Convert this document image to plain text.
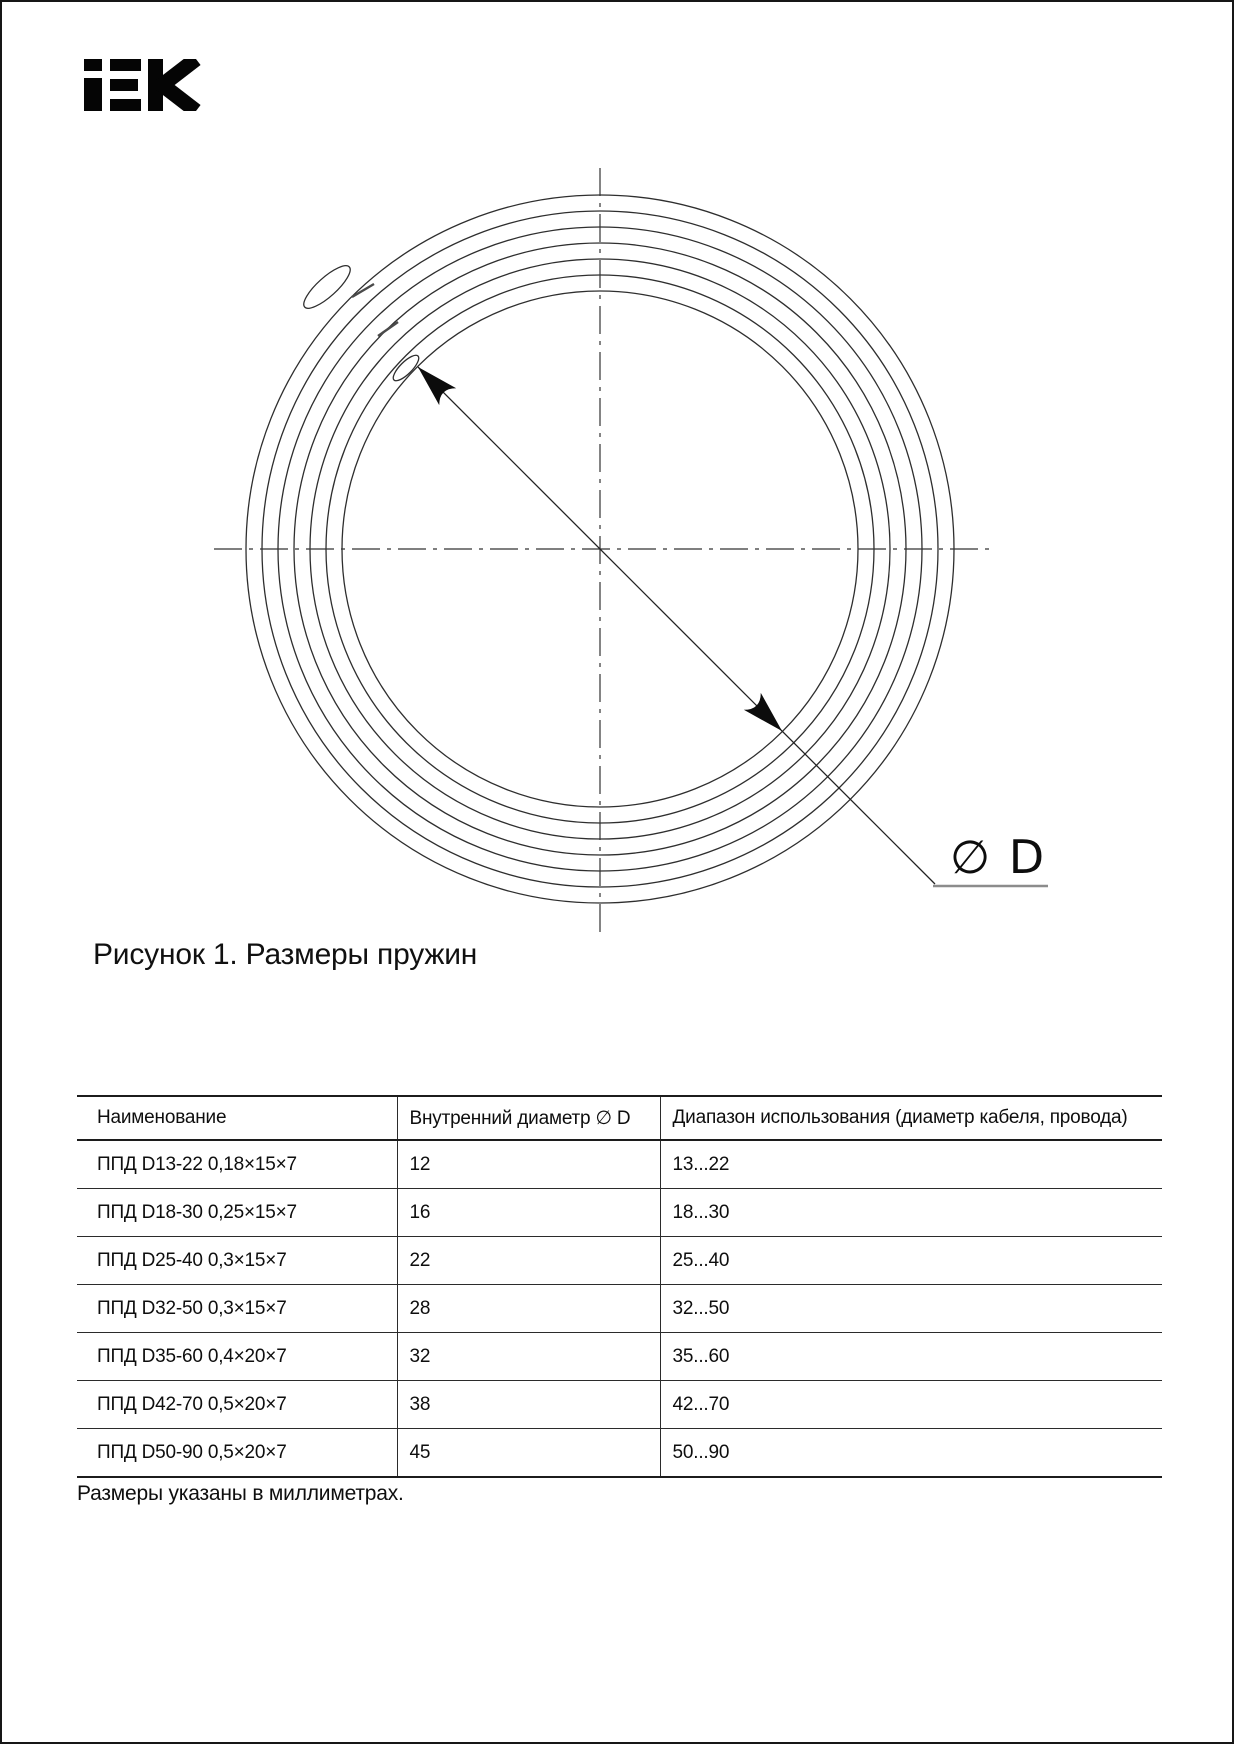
∅ D
Рисунок 1. Размеры пружин
Наименование	Внутренний диаметр ∅ D	Диапазон использования (диаметр кабеля, провода)
ППД D13-22 0,18×15×7	12	13...22
ППД D18-30 0,25×15×7	16	18...30
ППД D25-40 0,3×15×7	22	25...40
ППД D32-50 0,3×15×7	28	32...50
ППД D35-60 0,4×20×7	32	35...60
ППД D42-70 0,5×20×7	38	42...70
ППД D50-90 0,5×20×7	45	50...90
Размеры указаны в миллиметрах.
